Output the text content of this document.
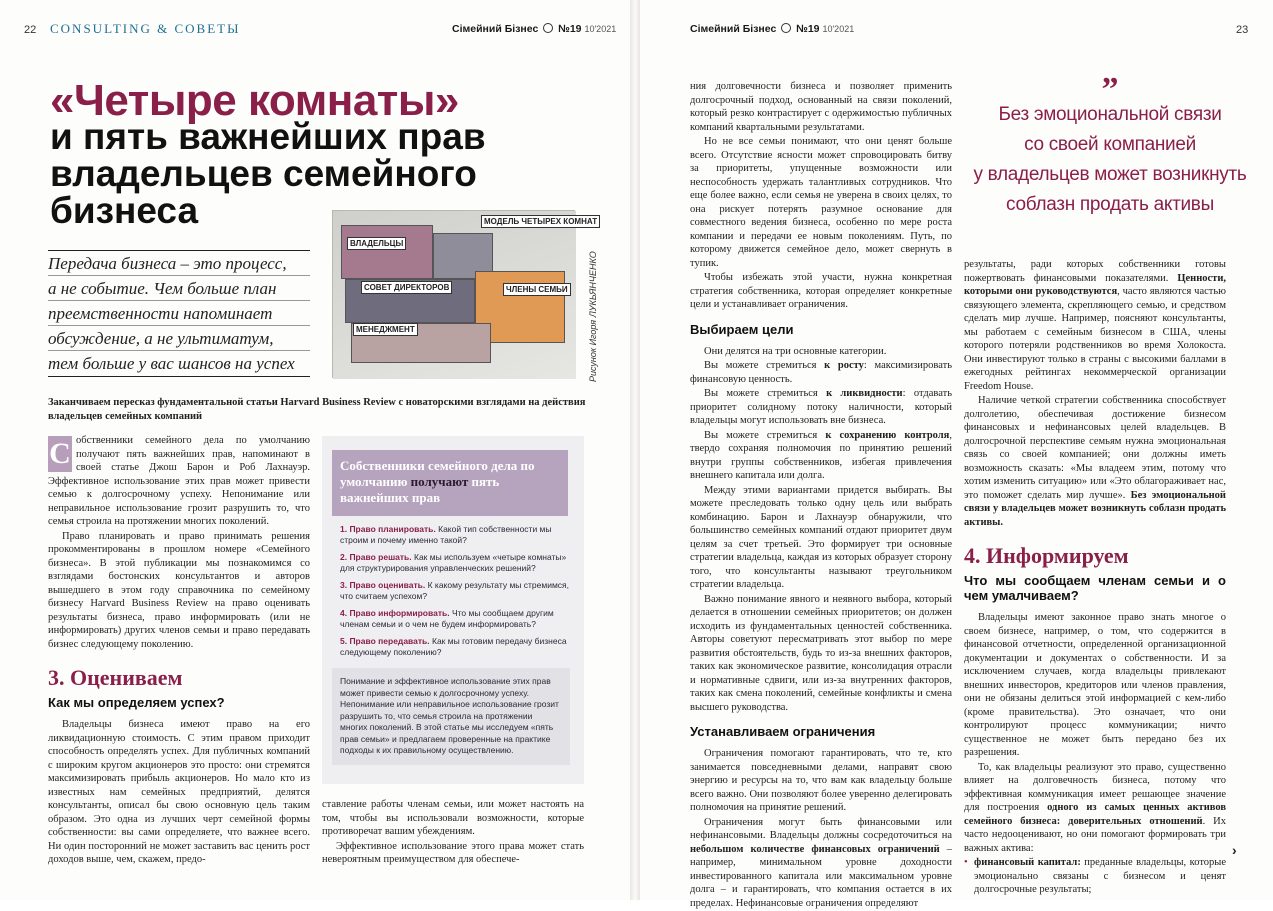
22 CONSULTING & СОВЕТЫ	Сімейний Бізнес №19 10'2021
«Четыре комнаты»
и пять важнейших прав владельцев семейного бизнеса
Передача бизнеса – это процесс,
а не событие. Чем больше план
преемственности напоминает
обсуждение, а не ультиматум,
тем больше у вас шансов на успех
МОДЕЛЬ ЧЕТЫРЕХ КОМНАТ
ВЛАДЕЛЬЦЫ
СОВЕТ ДИРЕКТОРОВ	ЧЛЕНЫ СЕМЬИ
МЕНЕДЖМЕНТ	Рисунок Игоря ЛУКЬЯНЧЕНКО
Заканчиваем пересказ фундаментальной статьи Harvard Business Review с новаторскими взглядами на действия владельцев семейных компаний

С обственники семейного дела по умолчанию получают пять важнейших прав, напоминают в своей статье Джош Барон и Роб Лахнауэр. Эффективное использование этих прав может привести семью к долгосрочному успеху. Непонимание или неправильное использование грозит разрушить то, что семья строила на протяжении многих поколений.

Право планировать и право принимать решения прокомментированы в прошлом номере «Семейного бизнеса». В этой публикации мы познакомимся со взглядами бостонских консультантов и авторов вышедшего в этом году справочника по семейному бизнесу Harvard Business Review на право оценивать результаты бизнеса, право информировать (или не информировать) других членов семьи и право передавать бизнес следующему поколению.

3. Оцениваем
Как мы определяем успех?

Владельцы бизнеса имеют право на его ликвидационную стоимость. С этим правом приходит способность определять успех. Для публичных компаний с широким кругом акционеров это просто: они стремятся максимизировать прибыль акционеров. Но мало кто из известных нам семейных предприятий, делятся консультанты, описал бы свою основную цель таким образом. Это одна из лучших черт семейной формы собственности: вы сами определяете, что важнее всего. Ни один посторонний не может заставить вас ценить рост доходов выше, чем, скажем, предо-

Собственники семейного дела по умолчанию получают пять важнейших прав
1. Право планировать. Какой тип собственности мы строим и почему именно такой?
2. Право решать. Как мы используем «четыре комнаты» для структурирования управленческих решений?
3. Право оценивать. К какому результату мы стремимся, что считаем успехом?
4. Право информировать. Что мы сообщаем другим членам семьи и о чем не будем информировать?
5. Право передавать. Как мы готовим передачу бизнеса следующему поколению?
Понимание и эффективное использование этих прав может привести семью к долгосрочному успеху. Непонимание или неправильное использование грозит разрушить то, что семья строила на протяжении многих поколений. В этой статье мы исследуем «пять прав семьи» и предлагаем проверенные на практике подходы к их правильному осуществлению.

ставление работы членам семьи, или может настоять на том, чтобы вы использовали возможности, которые противоречат вашим убеждениям.

Эффективное использование этого права может стать невероятным преимуществом для обеспече-

Сімейний Бізнес №19 10'2021	23

ния долговечности бизнеса и позволяет применить долгосрочный подход, основанный на связи поколений, который резко контрастирует с одержимостью публичных компаний квартальными результатами.

Но не все семьи понимают, что они ценят больше всего. Отсутствие ясности может спровоцировать битву за приоритеты, упущенные возможности или неспособность удержать талантливых сотрудников. Что еще более важно, если семья не уверена в своих целях, то она рискует потерять разумное основание для совместного ведения бизнеса, особенно по мере роста компании и передачи ее новым поколениям. Путь, по которому движется семейное дело, может свернуть в тупик.

Чтобы избежать этой участи, нужна конкретная стратегия собственника, которая определяет конкретные цели и устанавливает ограничения.

Выбираем цели

Они делятся на три основные категории.

Вы можете стремиться к росту: максимизировать финансовую ценность.

Вы можете стремиться к ликвидности: отдавать приоритет солидному потоку наличности, который владельцы могут использовать вне бизнеса.

Вы можете стремиться к сохранению контроля, твердо сохраняя полномочия по принятию решений внутри группы собственников, избегая привлечения внешнего капитала или долга.

Между этими вариантами придется выбирать. Вы можете преследовать только одну цель или выбрать комбинацию. Барон и Лахнауэр обнаружили, что большинство семейных компаний отдают приоритет двум целям за счет третьей. Это формирует три основные стратегии владельца, каждая из которых образует сторону того, что консультанты называют треугольником стратегии владельца.

Важно понимание явного и неявного выбора, который делается в отношении семейных приоритетов; он должен исходить из фундаментальных ценностей собственника. Авторы советуют пересматривать этот выбор по мере развития обстоятельств, будь то из-за внешних факторов, таких как экономическое развитие, консолидация отрасли и нормативные сдвиги, или из-за внутренних факторов, таких как смена поколений, семейные конфликты и смена высшего руководства.

Устанавливаем ограничения

Ограничения помогают гарантировать, что те, кто занимается повседневными делами, направят свою энергию и ресурсы на то, что вам как владельцу больше всего важно. Они позволяют более уверенно делегировать полномочия на принятие решений.

Ограничения могут быть финансовыми или нефинансовыми. Владельцы должны сосредоточиться на небольшом количестве финансовых ограничений – например, минимальном уровне доходности инвестированного капитала или максимальном уровне долга – и гарантировать, что компания остается в их пределах. Нефинансовые ограничения определяют

”
Без эмоциональной связи
со своей компанией
у владельцев может возникнуть
соблазн продать активы

результаты, ради которых собственники готовы пожертвовать финансовыми показателями. Ценности, которыми они руководствуются, часто являются частью связующего элемента, скрепляющего семью, и средством сделать мир лучше. Например, поясняют консультанты, мы работаем с семейным бизнесом в США, члены которого потеряли родственников во время Холокоста. Они инвестируют только в страны с высокими баллами в ежегодных рейтингах некоммерческой организации Freedom House.

Наличие четкой стратегии собственника способствует долголетию, обеспечивая достижение бизнесом финансовых и нефинансовых целей владельцев. В долгосрочной перспективе семьям нужна эмоциональная связь со своей компанией; они должны иметь возможность сказать: «Мы владеем этим, потому что хотим изменить ситуацию» или «Это облагораживает нас, это поможет сделать мир лучше». Без эмоциональной связи у владельцев может возникнуть соблазн продать активы.

4. Информируем
Что мы сообщаем членам семьи и о чем умалчиваем?

Владельцы имеют законное право знать многое о своем бизнесе, например, о том, что содержится в финансовой отчетности, определенной организационной документации и документах о собственности. И за исключением случаев, когда владельцы привлекают внешних инвесторов, кредиторов или членов правления, они не обязаны делиться этой информацией с кем-либо (кроме правительства). Это означает, что они контролируют процесс коммуникации; ничто существенное не может быть передано без их разрешения.

То, как владельцы реализуют это право, существенно влияет на долговечность бизнеса, потому что эффективная коммуникация имеет решающее значение для построения одного из самых ценных активов семейного бизнеса: доверительных отношений. Их часто недооценивают, но они помогают формировать три важных актива:

• финансовый капитал: преданные владельцы, которые эмоционально связаны с бизнесом и ценят долгосрочные результаты;

›
